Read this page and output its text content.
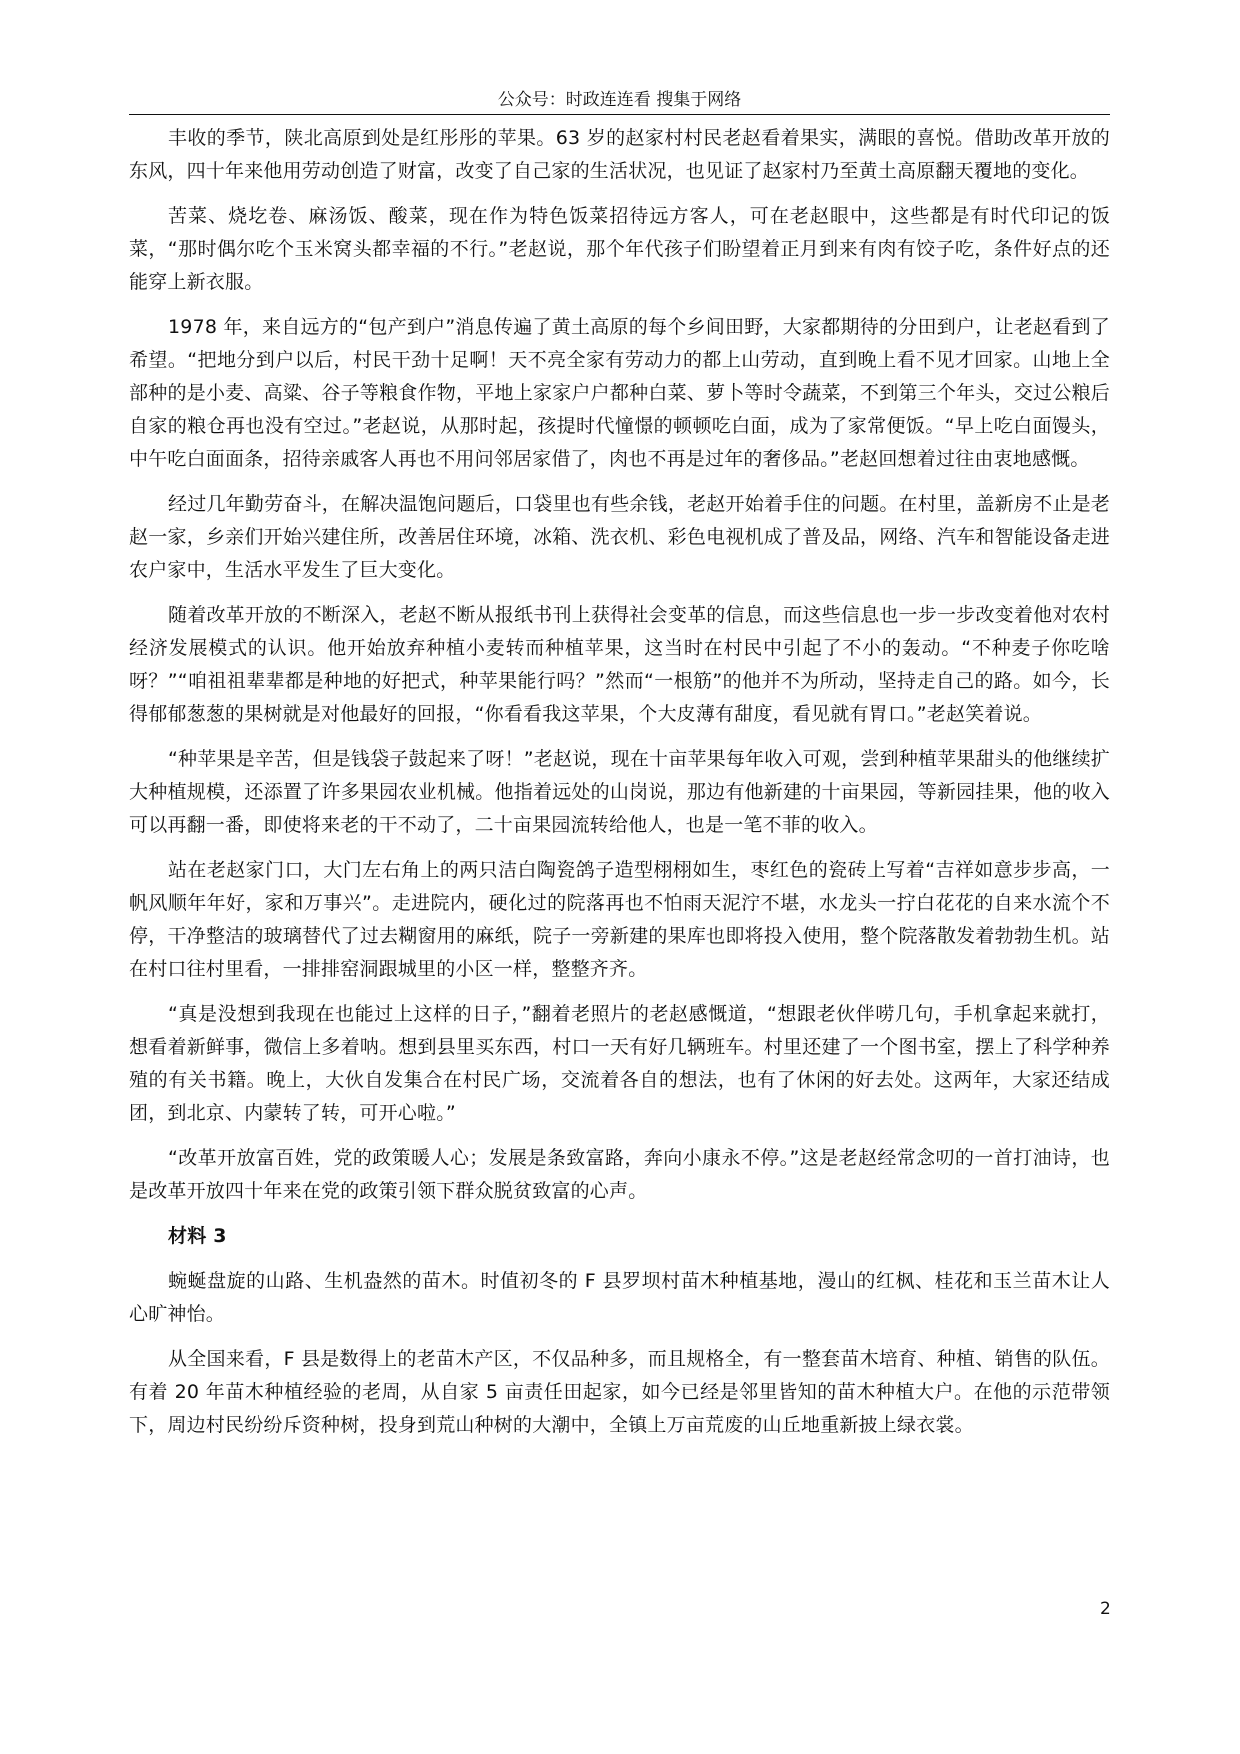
公众号：时政连连看 搜集于网络

丰收的季节，陕北高原到处是红彤彤的苹果。63 岁的赵家村村民老赵看着果实，满眼的喜悦。借助改革开放的东风，四十年来他用劳动创造了财富，改变了自己家的生活状况，也见证了赵家村乃至黄土高原翻天覆地的变化。

苦菜、烧圪卷、麻汤饭、酸菜，现在作为特色饭菜招待远方客人，可在老赵眼中，这些都是有时代印记的饭菜，“那时偶尔吃个玉米窝头都幸福的不行。”老赵说，那个年代孩子们盼望着正月到来有肉有饺子吃，条件好点的还能穿上新衣服。

1978 年，来自远方的“包产到户”消息传遍了黄土高原的每个乡间田野，大家都期待的分田到户，让老赵看到了希望。“把地分到户以后，村民干劲十足啊！天不亮全家有劳动力的都上山劳动，直到晚上看不见才回家。山地上全部种的是小麦、高粱、谷子等粮食作物，平地上家家户户都种白菜、萝卜等时令蔬菜，不到第三个年头，交过公粮后自家的粮仓再也没有空过。”老赵说，从那时起，孩提时代憧憬的顿顿吃白面，成为了家常便饭。“早上吃白面馒头，中午吃白面面条，招待亲戚客人再也不用问邻居家借了，肉也不再是过年的奢侈品。”老赵回想着过往由衷地感慨。

经过几年勤劳奋斗，在解决温饱问题后，口袋里也有些余钱，老赵开始着手住的问题。在村里，盖新房不止是老赵一家，乡亲们开始兴建住所，改善居住环境，冰箱、洗衣机、彩色电视机成了普及品，网络、汽车和智能设备走进农户家中，生活水平发生了巨大变化。

随着改革开放的不断深入，老赵不断从报纸书刊上获得社会变革的信息，而这些信息也一步一步改变着他对农村经济发展模式的认识。他开始放弃种植小麦转而种植苹果，这当时在村民中引起了不小的轰动。“不种麦子你吃啥呀？”“咱祖祖辈辈都是种地的好把式，种苹果能行吗？”然而“一根筋”的他并不为所动，坚持走自己的路。如今，长得郁郁葱葱的果树就是对他最好的回报，“你看看我这苹果，个大皮薄有甜度，看见就有胃口。”老赵笑着说。

“种苹果是辛苦，但是钱袋子鼓起来了呀！”老赵说，现在十亩苹果每年收入可观，尝到种植苹果甜头的他继续扩大种植规模，还添置了许多果园农业机械。他指着远处的山岗说，那边有他新建的十亩果园，等新园挂果，他的收入可以再翻一番，即使将来老的干不动了，二十亩果园流转给他人，也是一笔不菲的收入。

站在老赵家门口，大门左右角上的两只洁白陶瓷鸽子造型栩栩如生，枣红色的瓷砖上写着“吉祥如意步步高，一帆风顺年年好，家和万事兴”。走进院内，硬化过的院落再也不怕雨天泥泞不堪，水龙头一拧白花花的自来水流个不停，干净整洁的玻璃替代了过去糊窗用的麻纸，院子一旁新建的果库也即将投入使用，整个院落散发着勃勃生机。站在村口往村里看，一排排窑洞跟城里的小区一样，整整齐齐。

“真是没想到我现在也能过上这样的日子，”翻着老照片的老赵感慨道，“想跟老伙伴唠几句，手机拿起来就打，想看着新鲜事，微信上多着呐。想到县里买东西，村口一天有好几辆班车。村里还建了一个图书室，摆上了科学种养殖的有关书籍。晚上，大伙自发集合在村民广场，交流着各自的想法，也有了休闲的好去处。这两年，大家还结成团，到北京、内蒙转了转，可开心啦。”

“改革开放富百姓，党的政策暖人心；发展是条致富路，奔向小康永不停。”这是老赵经常念叨的一首打油诗，也是改革开放四十年来在党的政策引领下群众脱贫致富的心声。

材料 3

蜿蜒盘旋的山路、生机盎然的苗木。时值初冬的 F 县罗坝村苗木种植基地，漫山的红枫、桂花和玉兰苗木让人心旷神怡。

从全国来看，F 县是数得上的老苗木产区，不仅品种多，而且规格全，有一整套苗木培育、种植、销售的队伍。有着 20 年苗木种植经验的老周，从自家 5 亩责任田起家，如今已经是邻里皆知的苗木种植大户。在他的示范带领下，周边村民纷纷斥资种树，投身到荒山种树的大潮中，全镇上万亩荒废的山丘地重新披上绿衣裳。

2
